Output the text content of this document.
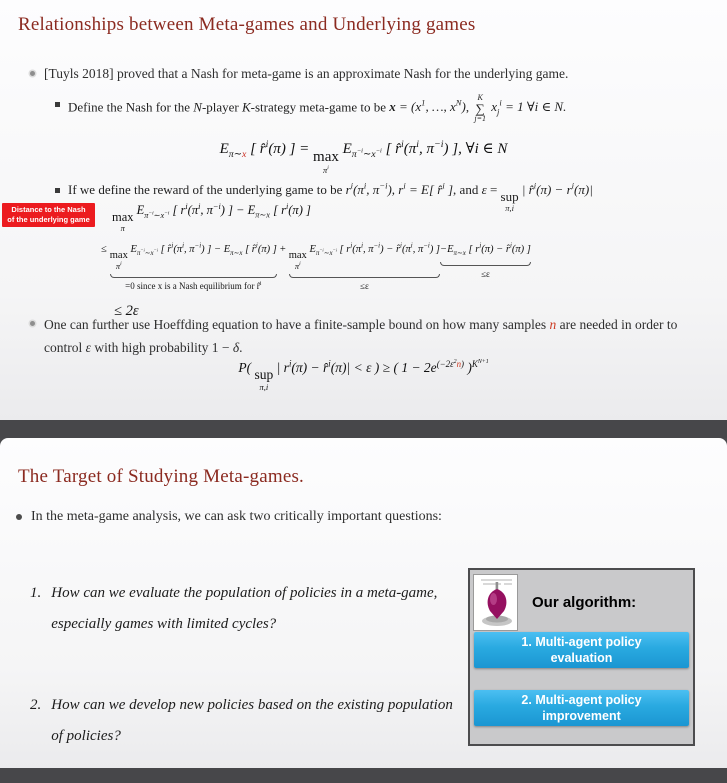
Relationships between Meta-games and Underlying games
[Tuyls 2018] proved that a Nash for meta-game is an approximate Nash for the underlying game.
Define the Nash for the N-player K-strategy meta-game to be $x = (x^1$, …, $x^N$),
K
∑
j=1
$x_j^i = 1$ ∀i ∈ N.
$E_{\pi\sim x}$ [ r̂$^i$(π) ] = max
$\pi^i$
$E_{\pi^{-i}\sim x^{-i}}$ [ $r̂^i(\pi^i$, $\pi^{-i}$) ], ∀i ∈ N
If we define the reward of the underlying game to be $r^i(\pi^i$, $\pi^{-i}$), $r^i = E$[ r̂$^i$ ], and ε = sup
π,i
| r̂$^i$(π) − $r^i(\pi)|$
Distance to the Nash
of the underlying game	max
π
$E_{\pi^{-i}\sim x^{-i}}$ [ $r^i(\pi^i$, $\pi^{-i}$) ] − $E_{\pi\sim x}$ [ $r^i(\pi)$ ]
≤
max
$\pi^i$
$E_{\pi^{-i}\sim x^{-i}}$ [ $r̂^i(\pi^i$, $\pi^{-i}$) ] − $E_{\pi\sim x}$ [ r̂$^i$(π) ]
=0 since x is a Nash equilibrium for r̂$^i$
+
max
$\pi^i$
$E_{\pi^{-i}\sim x^{-i}}$ [ $r^i(\pi^i$, $\pi^{-i}$) − $r̂^i(\pi^i$, $\pi^{-i}$) ]
≤ε
$-E_{\pi\sim x}$ [ $r^i(\pi)$ − r̂$^i$(π) ]
≤ε
≤ 2ε
One can further use Hoeffding equation to have a finite-sample bound on how many samples n are needed in order to control ε with high probability 1 − δ.
P( sup
π,i
| $r^i(\pi)$ − r̂$^i$(π)| < ε ) ≥ ( $1 - 2e^{(-2\varepsilon^2n)}$ )$^{K^{N+1}}$
The Target of Studying Meta-games.
In the meta-game analysis, we can ask two critically important questions:
1. How can we evaluate the population of policies in a meta-game, especially games with limited cycles?
2. How can we develop new policies based on the existing population of policies?
Our algorithm:
1. Multi-agent policy evaluation
2. Multi-agent policy improvement
